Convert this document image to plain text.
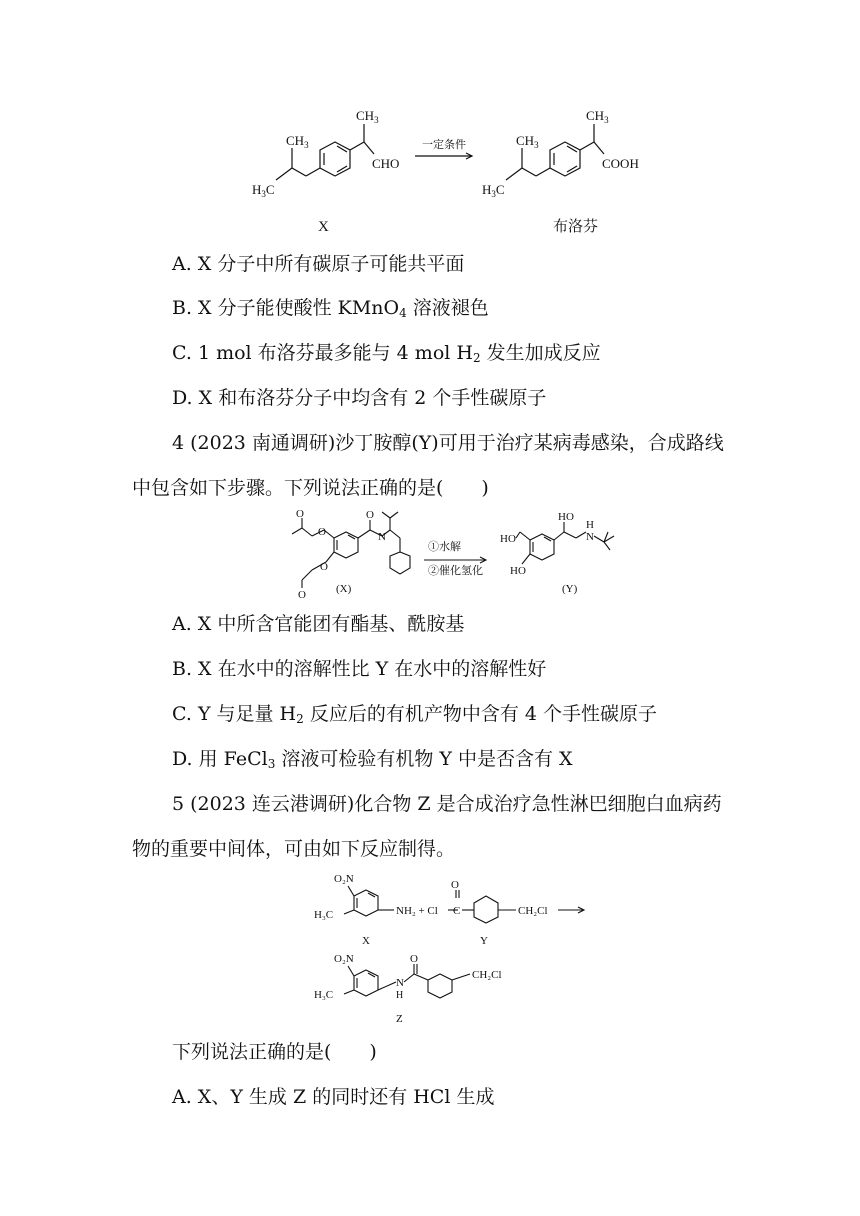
$CH_3$
$CH_3$
$H_3C$
CHO
一定条件
$CH_3$
$CH_3$
$H_3C$
COOH
X	布洛芬
A. X 分子中所有碳原子可能共平面
B. X 分子能使酸性 KMnO$_4$ 溶液褪色
C. 1 mol 布洛芬最多能与 4 mol $H_2$ 发生加成反应
D. X 和布洛芬分子中均含有 2 个手性碳原子
4 (2023 南通调研)沙丁胺醇(Y)可用于治疗某病毒感染，合成路线
中包含如下步骤。下列说法正确的是(　　)
O
O
O
O
O
N
①水解
②催化氢化
(X)
HO
HO
HO
H
N
(Y)
A. X 中所含官能团有酯基、酰胺基
B. X 在水中的溶解性比 Y 在水中的溶解性好
C. Y 与足量 $H_2$ 反应后的有机产物中含有 4 个手性碳原子
D. 用 FeCl$_3$ 溶液可检验有机物 Y 中是否含有 X
5 (2023 连云港调研)化合物 Z 是合成治疗急性淋巴细胞白血病药
物的重要中间体，可由如下反应制得。
O₂N
H₃C	NH₂ + Cl
O
C	CH₂Cl
X	Y
O₂N
H₃C
N
H
O
CH₂Cl
Z
下列说法正确的是(　　)
A. X、Y 生成 Z 的同时还有 HCl 生成
